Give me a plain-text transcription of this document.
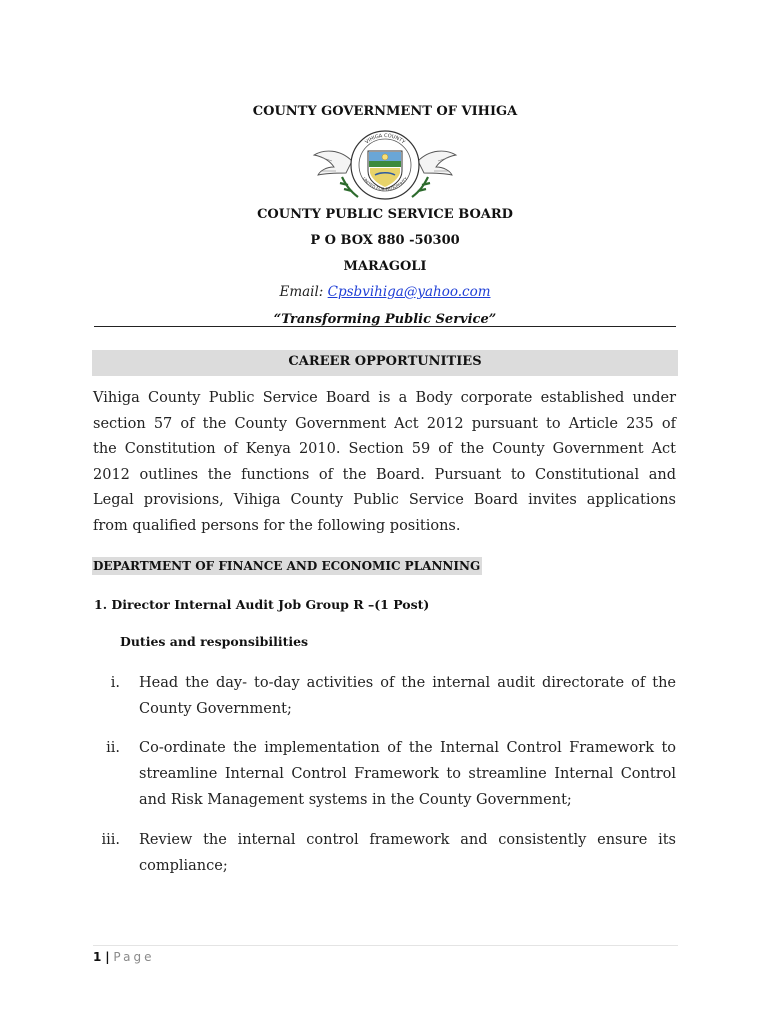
COUNTY GOVERNMENT OF VIHIGA
VIHIGA COUNTY
UNITED FOR PROSPERITY
COUNTY PUBLIC SERVICE BOARD
P O BOX 880 -50300
MARAGOLI
Email: Cpsbvihiga@yahoo.com
“Transforming Public Service”
CAREER OPPORTUNITIES
Vihiga County Public Service Board is a Body corporate established under
section 57 of the County Government Act 2012 pursuant to Article 235 of
the Constitution of Kenya 2010. Section 59 of the County Government Act
2012 outlines the functions of the Board. Pursuant to Constitutional and
Legal provisions, Vihiga County Public Service Board invites applications
from qualified persons for the following positions.
DEPARTMENT OF FINANCE AND ECONOMIC PLANNING
1. Director Internal Audit Job Group R –(1 Post)
Duties and responsibilities
i. Head the day- to-day activities of the internal audit directorate of the
County Government;
ii. Co-ordinate the implementation of the Internal Control Framework to
streamline Internal Control Framework to streamline Internal Control
and Risk Management systems in the County Government;
iii. Review the internal control framework and consistently ensure its
compliance;
1 | Page
